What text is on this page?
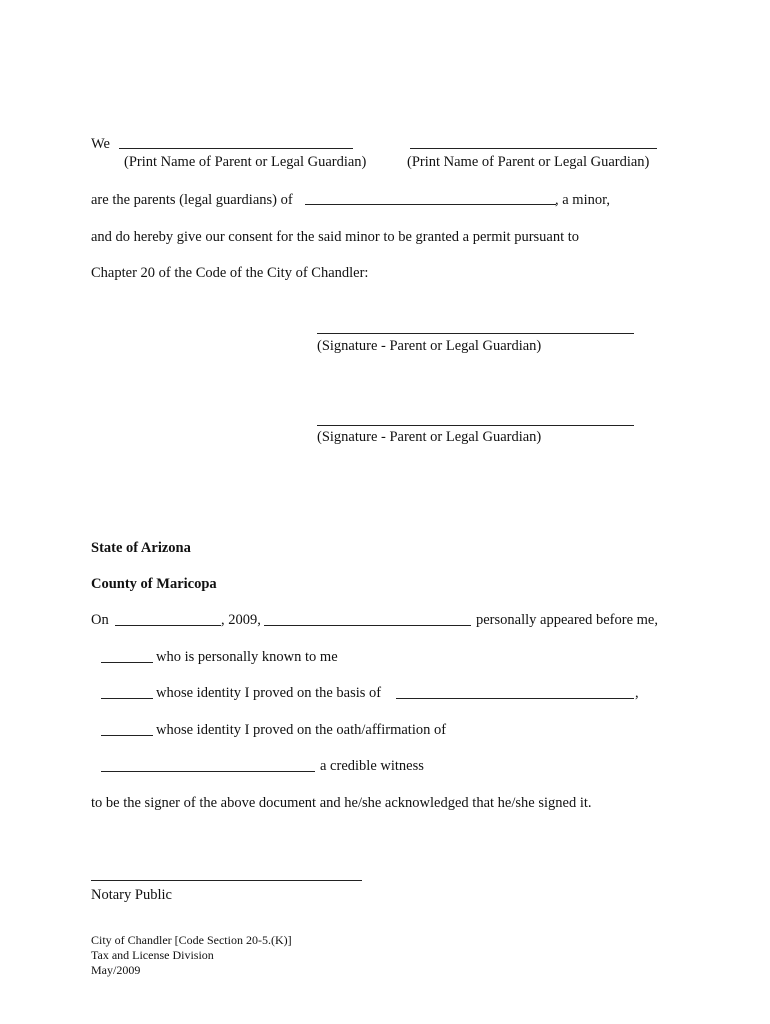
We
(Print Name of Parent or Legal Guardian)	(Print Name of Parent or Legal Guardian)
are the parents (legal guardians) of	, a minor,
and do hereby give our consent for the said minor to be granted a permit pursuant to
Chapter 20 of the Code of the City of Chandler:
(Signature - Parent or Legal Guardian)
(Signature - Parent or Legal Guardian)
State of Arizona
County of Maricopa
On	, 2009,	personally appeared before me,
who is personally known to me
whose identity I proved on the basis of	,
whose identity I proved on the oath/affirmation of
a credible witness
to be the signer of the above document and he/she acknowledged that he/she signed it.
Notary Public
City of Chandler [Code Section 20-5.(K)]
Tax and License Division
May/2009
